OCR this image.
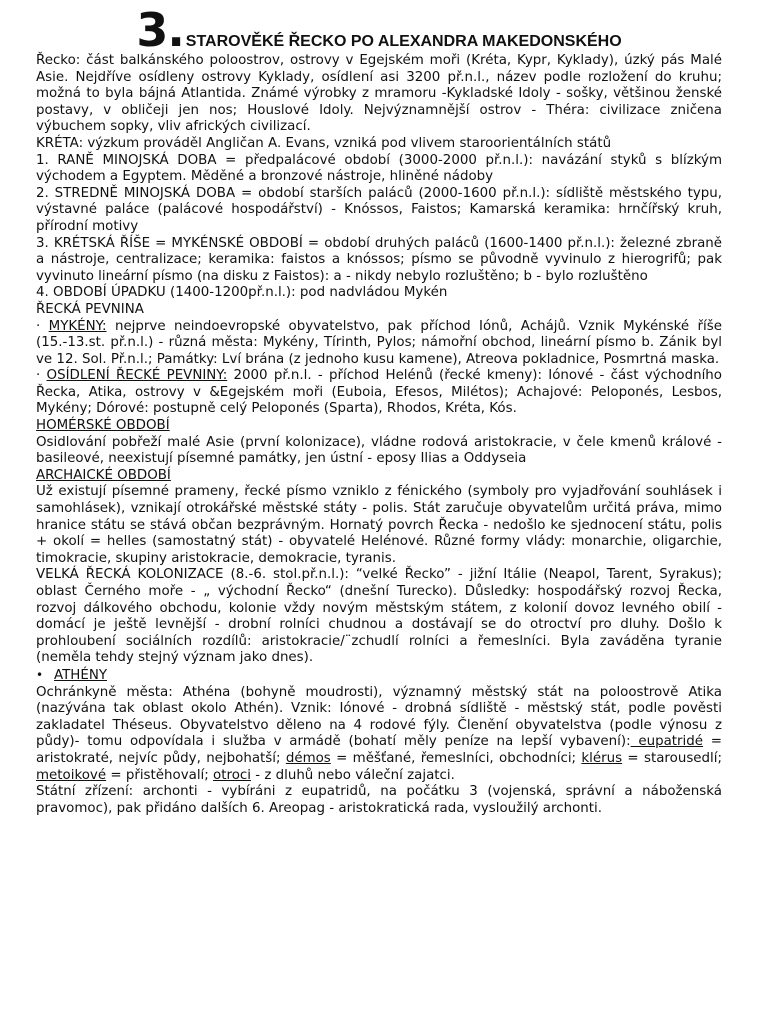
3. STAROVĚKÉ ŘECKO PO ALEXANDRA MAKEDONSKÉHO

Řecko: část balkánského poloostrov, ostrovy v Egejském moři (Kréta, Kypr, Kyklady), úzký pás Malé Asie. Nejdříve osídleny ostrovy Kyklady, osídlení asi 3200 př.n.l., název podle rozložení do kruhu; možná to byla bájná Atlantida. Známé výrobky z mramoru -Kykladské Idoly - sošky, většinou ženské postavy, v obličeji jen nos; Houslové Idoly. Nejvýznamnější ostrov - Théra: civilizace zničena výbuchem sopky, vliv afrických civilizací.

KRÉTA: výzkum prováděl Angličan A. Evans, vzniká pod vlivem staroorientálních států

1. RANĚ MINOJSKÁ DOBA = předpalácové období (3000-2000 př.n.l.): navázání styků s blízkým východem a Egyptem. Měděné a bronzové nástroje, hliněné nádoby

2. STREDNĚ MINOJSKÁ DOBA = období starších paláců (2000-1600 př.n.l.): sídliště městského typu, výstavné paláce (palácové hospodářství) - Knóssos, Faistos; Kamarská keramika: hrnčířský kruh, přírodní motivy

3. KRÉTSKÁ ŘÍŠE = MYKÉNSKÉ OBDOBÍ = období druhých paláců (1600-1400 př.n.l.): železné zbraně a nástroje, centralizace; keramika: faistos a knóssos; písmo se původně vyvinulo z hierogrifů; pak vyvinuto lineární písmo (na disku z Faistos): a - nikdy nebylo rozluštěno; b - bylo rozluštěno

4. OBDOBÍ ÚPADKU (1400-1200př.n.l.): pod nadvládou Mykén

ŘECKÁ PEVNINA

· MYKÉNY: nejprve neindoevropské obyvatelstvo, pak příchod Iónů, Achájů. Vznik Mykénské říše (15.-13.st. př.n.l.) - různá města: Mykény, Tírinth, Pylos; námořní obchod, lineární písmo b. Zánik byl ve 12. Sol. Př.n.l.; Památky: Lví brána (z jednoho kusu kamene), Atreova pokladnice, Posmrtná maska.

· OSÍDLENÍ ŘECKÉ PEVNINY: 2000 př.n.l. - příchod Helénů (řecké kmeny): Iónové - část východního Řecka, Atika, ostrovy v &Egejském moři (Euboia, Efesos, Milétos); Achajové: Peloponés, Lesbos, Mykény; Dórové: postupně celý Peloponés (Sparta), Rhodos, Kréta, Kós.

HOMÉRSKÉ OBDOBÍ

Osidlování pobřeží malé Asie (první kolonizace), vládne rodová aristokracie, v čele kmenů králové - basileové, neexistují písemné památky, jen ústní - eposy Ilias a Oddyseia

ARCHAICKÉ OBDOBÍ

Už existují písemné prameny, řecké písmo vzniklo z fénického (symboly pro vyjadřování souhlásek i samohlásek), vznikají otrokářské městské státy - polis. Stát zaručuje obyvatelům určitá práva, mimo hranice státu se stává občan bezprávným. Hornatý povrch Řecka - nedošlo ke sjednocení státu, polis + okolí = helles (samostatný stát) - obyvatelé Helénové. Různé formy vlády: monarchie, oligarchie, timokracie, skupiny aristokracie, demokracie, tyranis.

VELKÁ ŘECKÁ KOLONIZACE (8.-6. stol.př.n.l.): “velké Řecko” - jižní Itálie (Neapol, Tarent, Syrakus); oblast Černého moře - „ východní Řecko“ (dnešní Turecko). Důsledky: hospodářský rozvoj Řecka, rozvoj dálkového obchodu, kolonie vždy novým městským státem, z kolonií dovoz levného obilí - domácí je ještě levnější - drobní rolníci chudnou a dostávají se do otroctví pro dluhy. Došlo k prohloubení sociálních rozdílů: aristokracie/¨zchudlí rolníci a řemeslníci. Byla zaváděna tyranie (neměla tehdy stejný význam jako dnes).

• ATHÉNY

Ochránkyně města: Athéna (bohyně moudrosti), významný městský stát na poloostrově Atika (nazývána tak oblast okolo Athén). Vznik: Iónové - drobná sídliště - městský stát, podle pověsti zakladatel Théseus. Obyvatelstvo děleno na 4 rodové fýly. Členění obyvatelstva (podle výnosu z půdy)- tomu odpovídala i služba v armádě (bohatí měly peníze na lepší vybavení): eupatridé = aristokraté, nejvíc půdy, nejbohatší; démos = měšťané, řemeslníci, obchodníci; klérus = starousedlí; metoikové = přistěhovalí; otroci - z dluhů nebo váleční zajatci.

Státní zřízení: archonti - vybíráni z eupatridů, na počátku 3 (vojenská, správní a náboženská pravomoc), pak přidáno dalších 6. Areopag - aristokratická rada, vysloužilý archonti.
